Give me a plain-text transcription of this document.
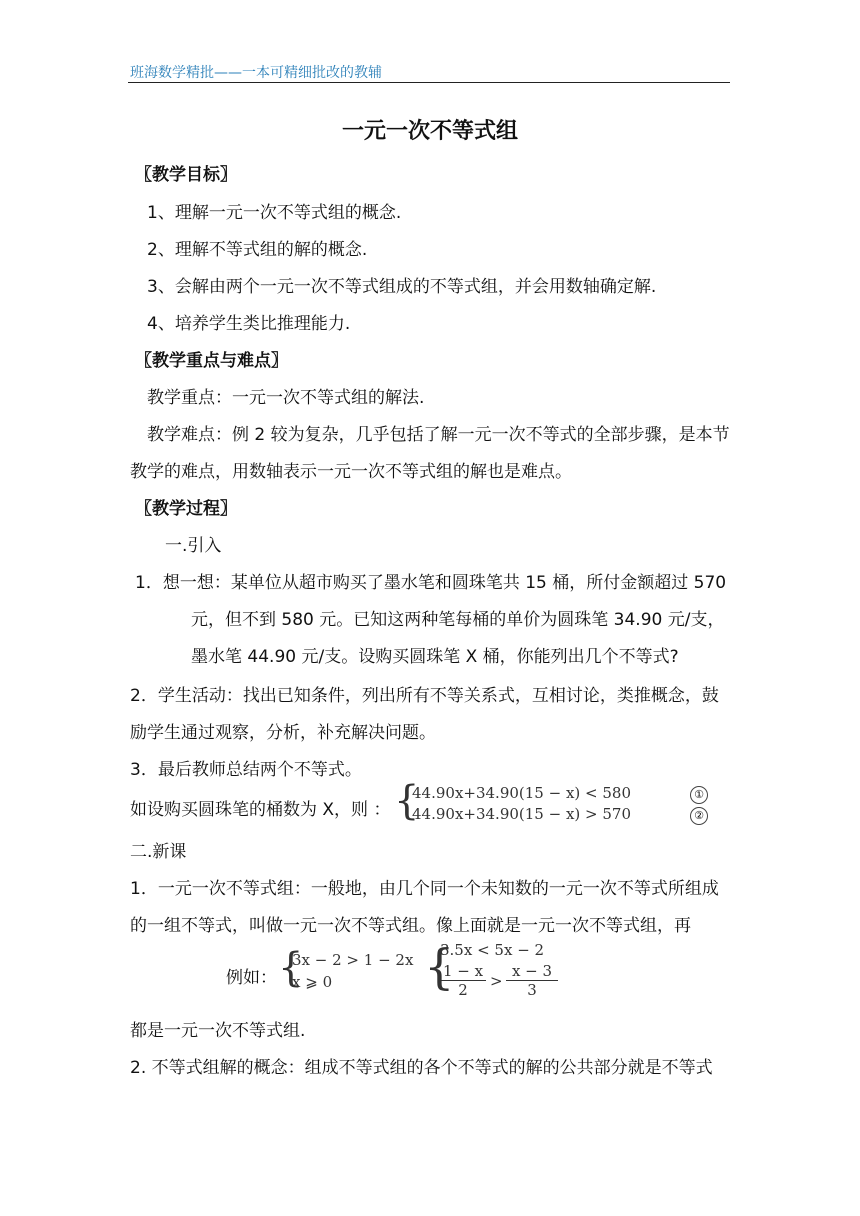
班海数学精批——一本可精细批改的教辅
一元一次不等式组
〖教学目标〗
1、理解一元一次不等式组的概念.
2、理解不等式组的解的概念.
3、会解由两个一元一次不等式组成的不等式组，并会用数轴确定解.
4、培养学生类比推理能力.
〖教学重点与难点〗
教学重点：一元一次不等式组的解法.
教学难点：例 2 较为复杂，几乎包括了解一元一次不等式的全部步骤，是本节
教学的难点，用数轴表示一元一次不等式组的解也是难点。
〖教学过程〗
一.引入
1．想一想：某单位从超市购买了墨水笔和圆珠笔共 15 桶，所付金额超过 570
元，但不到 580 元。已知这两种笔每桶的单价为圆珠笔 34.90 元/支，
墨水笔 44.90 元/支。设购买圆珠笔 X 桶，你能列出几个不等式?
2．学生活动：找出已知条件，列出所有不等关系式，互相讨论，类推概念，鼓
励学生通过观察，分析，补充解决问题。
3．最后教师总结两个不等式。
如设购买圆珠笔的桶数为 X，则 ： {
44.90x+34.90(15 − x) < 580	①
44.90x+34.90(15 − x) > 570	②
二.新课
1．一元一次不等式组：一般地，由几个同一个未知数的一元一次不等式所组成
的一组不等式，叫做一元一次不等式组。像上面就是一元一次不等式组，再
例如： {
3x − 2 > 1 − 2x
x ⩾ 0 {
3.5x < 5x − 2
$\frac{1 - x}{2} > \frac{x - 3}{3}$
都是一元一次不等式组.
2. 不等式组解的概念：组成不等式组的各个不等式的解的公共部分就是不等式
